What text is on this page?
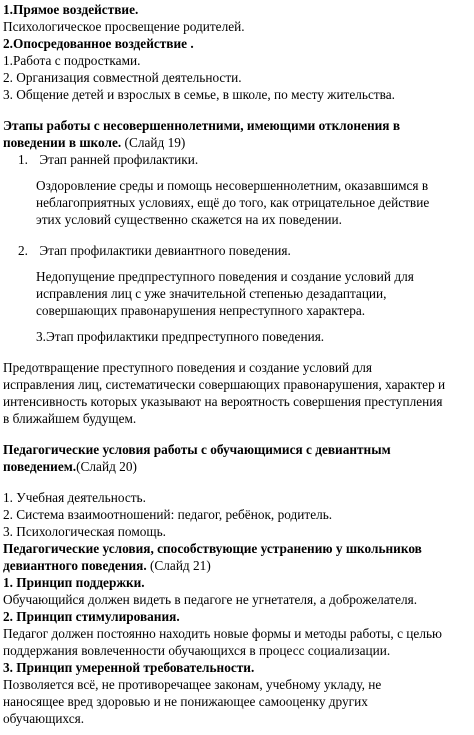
1.Прямое воздействие.

Психологическое просвещение родителей.

2.Опосредованное воздействие .

1.Работа с подростками.

2. Организация совместной деятельности.

3. Общение детей и взрослых в семье, в школе, по месту жительства.

Этапы работы с несовершеннолетними, имеющими отклонения в
поведении в школе. (Слайд 19)

1. Этап ранней профилактики.

Оздоровление среды и помощь несовершеннолетним, оказавшимся в

неблагоприятных условиях, ещё до того, как отрицательное действие

этих условий существенно скажется на их поведении.

2. Этап профилактики девиантного поведения.

Недопущение предпреступного поведения и создание условий для

исправления лиц с уже значительной степенью дезадаптации,

совершающих правонарушения непреступного характера.

3.Этап профилактики предпреступного поведения.

Предотвращение преступного поведения и создание условий для

исправления лиц, систематически совершающих правонарушения, характер и

интенсивность которых указывают на вероятность совершения преступления

в ближайшем будущем.

Педагогические условия работы с обучающимися с девиантным
поведением.(Слайд 20)

1. Учебная деятельность.

2. Система взаимоотношений: педагог, ребёнок, родитель.

3. Психологическая помощь.

Педагогические условия, способствующие устранению у школьников
девиантного поведения. (Слайд 21)

1. Принцип поддержки.

Обучающийся должен видеть в педагоге не угнетателя, а доброжелателя.

2. Принцип стимулирования.

Педагог должен постоянно находить новые формы и методы работы, с целью

поддержания вовлеченности обучающихся в процесс социализации.

3. Принцип умеренной требовательности.

Позволяется всё, не противоречащее законам, учебному укладу, не

наносящее вред здоровью и не понижающее самооценку других

обучающихся.
